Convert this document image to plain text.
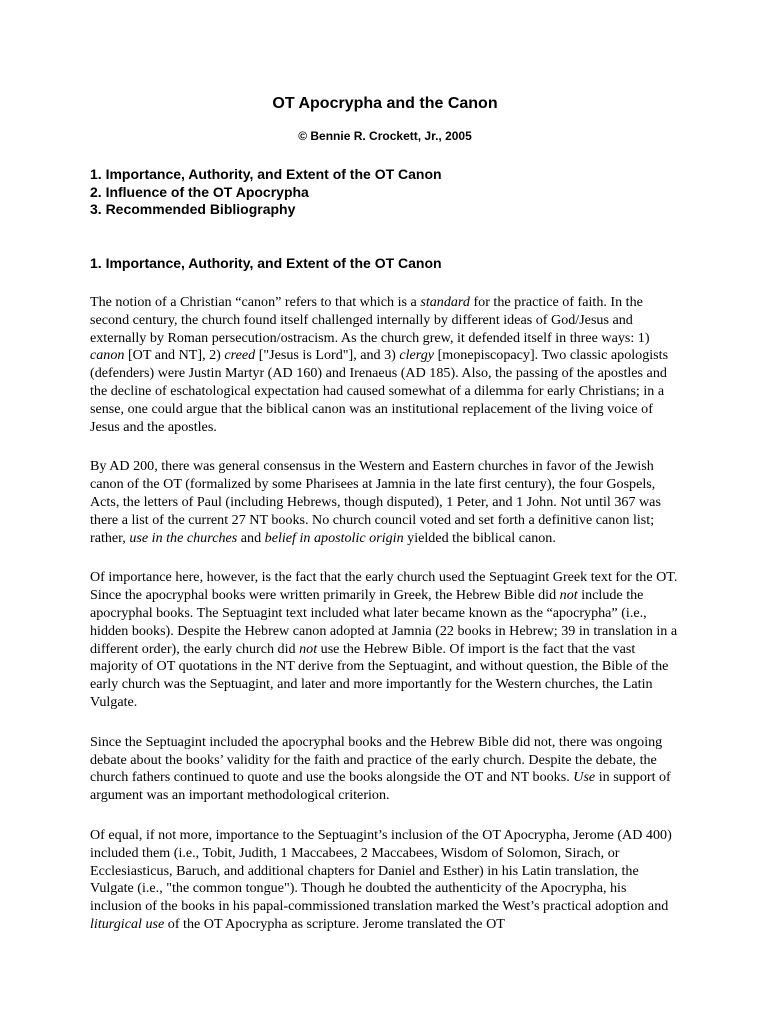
OT Apocrypha and the Canon

© Bennie R. Crockett, Jr., 2005

1. Importance, Authority, and Extent of the OT Canon
2. Influence of the OT Apocrypha
3. Recommended Bibliography
1. Importance, Authority, and Extent of the OT Canon

The notion of a Christian “canon” refers to that which is a standard for the practice of faith. In the second century, the church found itself challenged internally by different ideas of God/Jesus and externally by Roman persecution/ostracism. As the church grew, it defended itself in three ways: 1) canon [OT and NT], 2) creed ["Jesus is Lord"], and 3) clergy [monepiscopacy]. Two classic apologists (defenders) were Justin Martyr (AD 160) and Irenaeus (AD 185). Also, the passing of the apostles and the decline of eschatological expectation had caused somewhat of a dilemma for early Christians; in a sense, one could argue that the biblical canon was an institutional replacement of the living voice of Jesus and the apostles.

By AD 200, there was general consensus in the Western and Eastern churches in favor of the Jewish canon of the OT (formalized by some Pharisees at Jamnia in the late first century), the four Gospels, Acts, the letters of Paul (including Hebrews, though disputed), 1 Peter, and 1 John. Not until 367 was there a list of the current 27 NT books. No church council voted and set forth a definitive canon list; rather, use in the churches and belief in apostolic origin yielded the biblical canon.

Of importance here, however, is the fact that the early church used the Septuagint Greek text for the OT. Since the apocryphal books were written primarily in Greek, the Hebrew Bible did not include the apocryphal books. The Septuagint text included what later became known as the “apocrypha” (i.e., hidden books). Despite the Hebrew canon adopted at Jamnia (22 books in Hebrew; 39 in translation in a different order), the early church did not use the Hebrew Bible. Of import is the fact that the vast majority of OT quotations in the NT derive from the Septuagint, and without question, the Bible of the early church was the Septuagint, and later and more importantly for the Western churches, the Latin Vulgate.

Since the Septuagint included the apocryphal books and the Hebrew Bible did not, there was ongoing debate about the books’ validity for the faith and practice of the early church. Despite the debate, the church fathers continued to quote and use the books alongside the OT and NT books. Use in support of argument was an important methodological criterion.

Of equal, if not more, importance to the Septuagint’s inclusion of the OT Apocrypha, Jerome (AD 400) included them (i.e., Tobit, Judith, 1 Maccabees, 2 Maccabees, Wisdom of Solomon, Sirach, or Ecclesiasticus, Baruch, and additional chapters for Daniel and Esther) in his Latin translation, the Vulgate (i.e., "the common tongue"). Though he doubted the authenticity of the Apocrypha, his inclusion of the books in his papal-commissioned translation marked the West’s practical adoption and liturgical use of the OT Apocrypha as scripture. Jerome translated the OT
